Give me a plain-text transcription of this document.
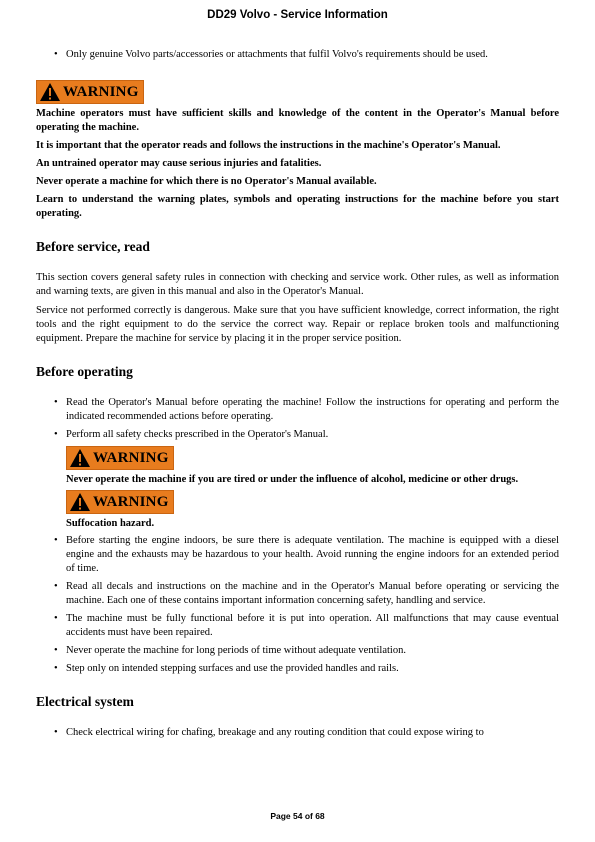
DD29 Volvo - Service Information
• Only genuine Volvo parts/accessories or attachments that fulfil Volvo's requirements should be used.
WARNING

Machine operators must have sufficient skills and knowledge of the content in the Operator's Manual before operating the machine.

It is important that the operator reads and follows the instructions in the machine's Operator's Manual.

An untrained operator may cause serious injuries and fatalities.

Never operate a machine for which there is no Operator's Manual available.

Learn to understand the warning plates, symbols and operating instructions for the machine before you start operating.

Before service, read

This section covers general safety rules in connection with checking and service work. Other rules, as well as information and warning texts, are given in this manual and also in the Operator's Manual.

Service not performed correctly is dangerous. Make sure that you have sufficient knowledge, correct information, the right tools and the right equipment to do the service the correct way. Repair or replace broken tools and malfunctioning equipment. Prepare the machine for service by placing it in the proper service position.

Before operating
• Read the Operator's Manual before operating the machine! Follow the instructions for operating and perform the indicated recommended actions before operating.
• Perform all safety checks prescribed in the Operator's Manual.
WARNING

Never operate the machine if you are tired or under the influence of alcohol, medicine or other drugs.

WARNING

Suffocation hazard.

• Before starting the engine indoors, be sure there is adequate ventilation. The machine is equipped with a diesel engine and the exhausts may be hazardous to your health. Avoid running the engine indoors for an extended period of time.
• Read all decals and instructions on the machine and in the Operator's Manual before operating or servicing the machine. Each one of these contains important information concerning safety, handling and service.
• The machine must be fully functional before it is put into operation. All malfunctions that may cause eventual accidents must have been repaired.
• Never operate the machine for long periods of time without adequate ventilation.
• Step only on intended stepping surfaces and use the provided handles and rails.
Electrical system
• Check electrical wiring for chafing, breakage and any routing condition that could expose wiring to
Page 54 of 68
